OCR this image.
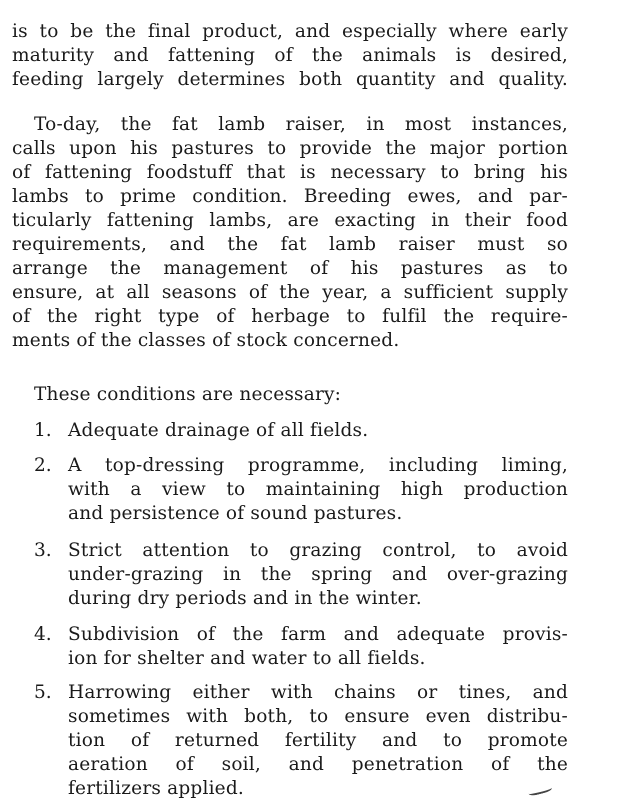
is to be the final product, and especially where early
maturity and fattening of the animals is desired,
feeding largely determines both quantity and quality.
To-day, the fat lamb raiser, in most instances,
calls upon his pastures to provide the major portion
of fattening foodstuff that is necessary to bring his
lambs to prime condition. Breeding ewes, and par-
ticularly fattening lambs, are exacting in their food
requirements, and the fat lamb raiser must so
arrange the management of his pastures as to
ensure, at all seasons of the year, a sufficient supply
of the right type of herbage to fulfil the require-
ments of the classes of stock concerned.
These conditions are necessary:
1. Adequate drainage of all fields.
2. A top-dressing programme, including liming,
with a view to maintaining high production
and persistence of sound pastures.
3. Strict attention to grazing control, to avoid
under-grazing in the spring and over-grazing
during dry periods and in the winter.
4. Subdivision of the farm and adequate provis-
ion for shelter and water to all fields.
5. Harrowing either with chains or tines, and
sometimes with both, to ensure even distribu-
tion of returned fertility and to promote
aeration of soil, and penetration of the
fertilizers applied.
